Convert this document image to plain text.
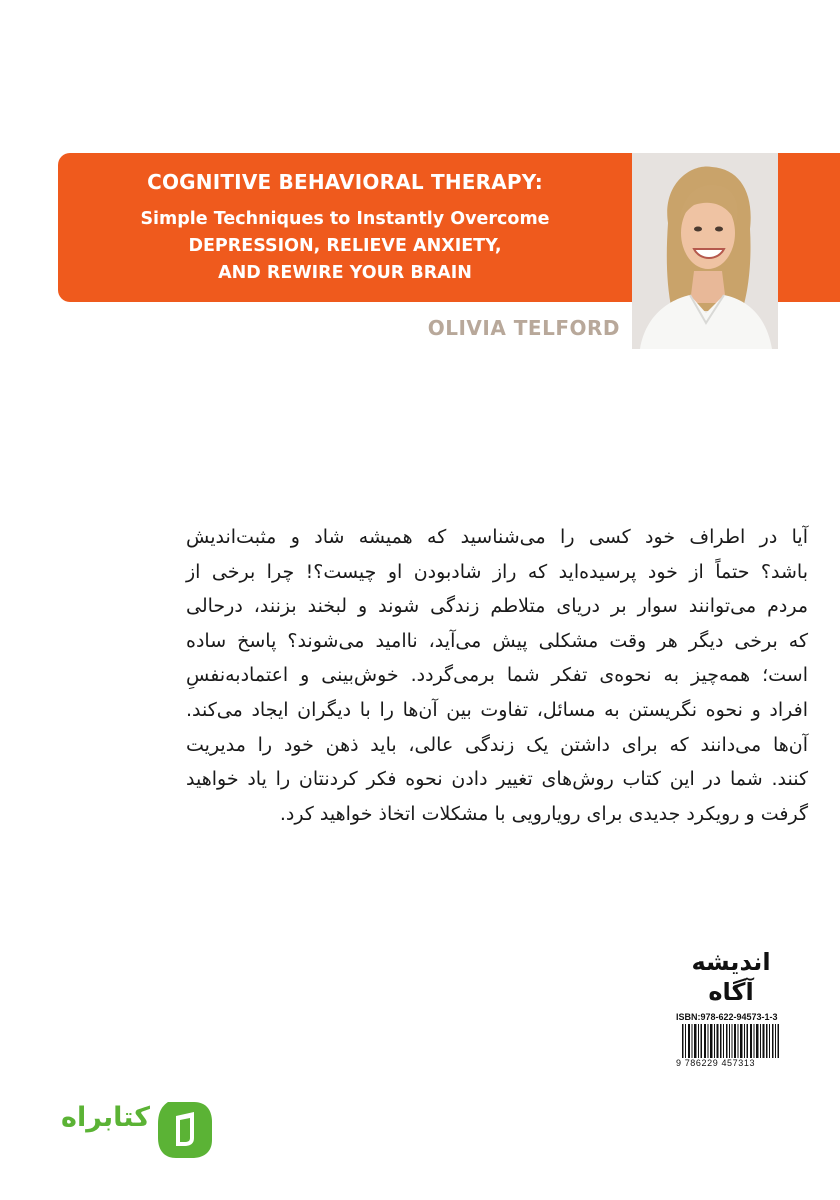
COGNITIVE BEHAVIORAL THERAPY:
Simple Techniques to Instantly Overcome
DEPRESSION, RELIEVE ANXIETY,
AND REWIRE YOUR BRAIN
OLIVIA TELFORD
آیا در اطراف خود کسی را می‌شناسید که همیشه شاد و مثبت‌اندیش
باشد؟ حتماً از خود پرسیده‌اید که راز شادبودن او چیست؟! چرا برخی از
مردم می‌توانند سوار بر دریای متلاطم زندگی شوند و لبخند بزنند، درحالی
که برخی دیگر هر وقت مشکلی پیش می‌آید، ناامید می‌شوند؟ پاسخ ساده
است؛ همه‌چیز به نحوه‌ی تفکر شما برمی‌گردد. خوش‌بینی و اعتمادبه‌نفسِ
افراد و نحوه نگریستن به مسائل، تفاوت بین آن‌ها را با دیگران ایجاد می‌کند.
آن‌ها می‌دانند که برای داشتن یک زندگی عالی، باید ذهن خود را مدیریت
کنند. شما در این کتاب روش‌های تغییر دادن نحوه فکر کردنتان را یاد خواهید
گرفت و رویکرد جدیدی برای رویارویی با مشکلات اتخاذ خواهید کرد.
اندیشه
آگاه
ISBN:978-622-94573-1-3
9 786229 457313
کتابراه
